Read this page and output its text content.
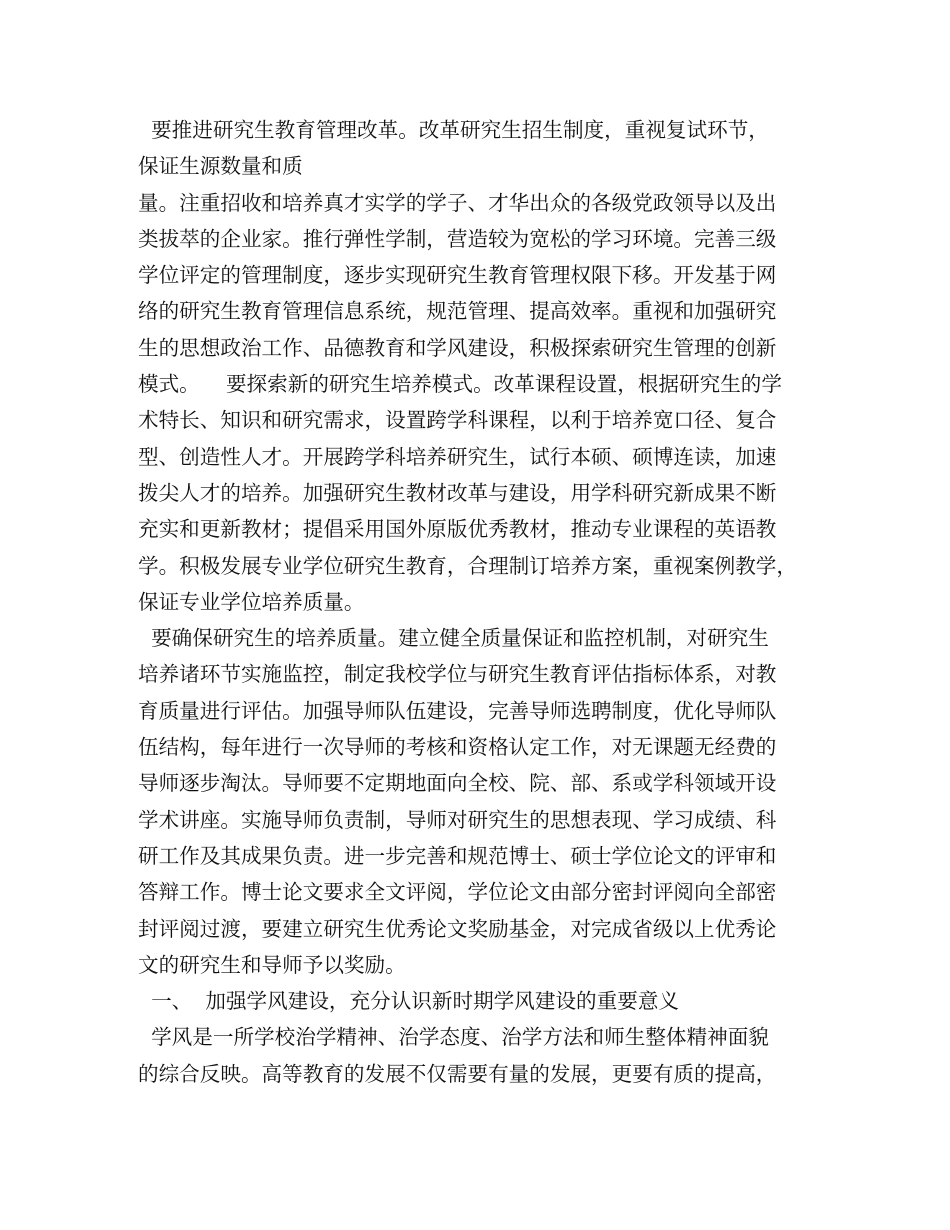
要推进研究生教育管理改革。改革研究生招生制度，重视复试环节，
保证生源数量和质
量。注重招收和培养真才实学的学子、才华出众的各级党政领导以及出
类拔萃的企业家。推行弹性学制，营造较为宽松的学习环境。完善三级
学位评定的管理制度，逐步实现研究生教育管理权限下移。开发基于网
络的研究生教育管理信息系统，规范管理、提高效率。重视和加强研究
生的思想政治工作、品德教育和学风建设，积极探索研究生管理的创新
模式。    要探索新的研究生培养模式。改革课程设置，根据研究生的学
术特长、知识和研究需求，设置跨学科课程，以利于培养宽口径、复合
型、创造性人才。开展跨学科培养研究生，试行本硕、硕博连读，加速
拨尖人才的培养。加强研究生教材改革与建设，用学科研究新成果不断
充实和更新教材；提倡采用国外原版优秀教材，推动专业课程的英语教
学。积极发展专业学位研究生教育，合理制订培养方案，重视案例教学，
保证专业学位培养质量。
要确保研究生的培养质量。建立健全质量保证和监控机制，对研究生
培养诸环节实施监控，制定我校学位与研究生教育评估指标体系，对教
育质量进行评估。加强导师队伍建设，完善导师选聘制度，优化导师队
伍结构，每年进行一次导师的考核和资格认定工作，对无课题无经费的
导师逐步淘汰。导师要不定期地面向全校、院、部、系或学科领域开设
学术讲座。实施导师负责制，导师对研究生的思想表现、学习成绩、科
研工作及其成果负责。进一步完善和规范博士、硕士学位论文的评审和
答辩工作。博士论文要求全文评阅，学位论文由部分密封评阅向全部密
封评阅过渡，要建立研究生优秀论文奖励基金，对完成省级以上优秀论
文的研究生和导师予以奖励。
一、  加强学风建设，充分认识新时期学风建设的重要意义
学风是一所学校治学精神、治学态度、治学方法和师生整体精神面貌
的综合反映。高等教育的发展不仅需要有量的发展，更要有质的提高，
